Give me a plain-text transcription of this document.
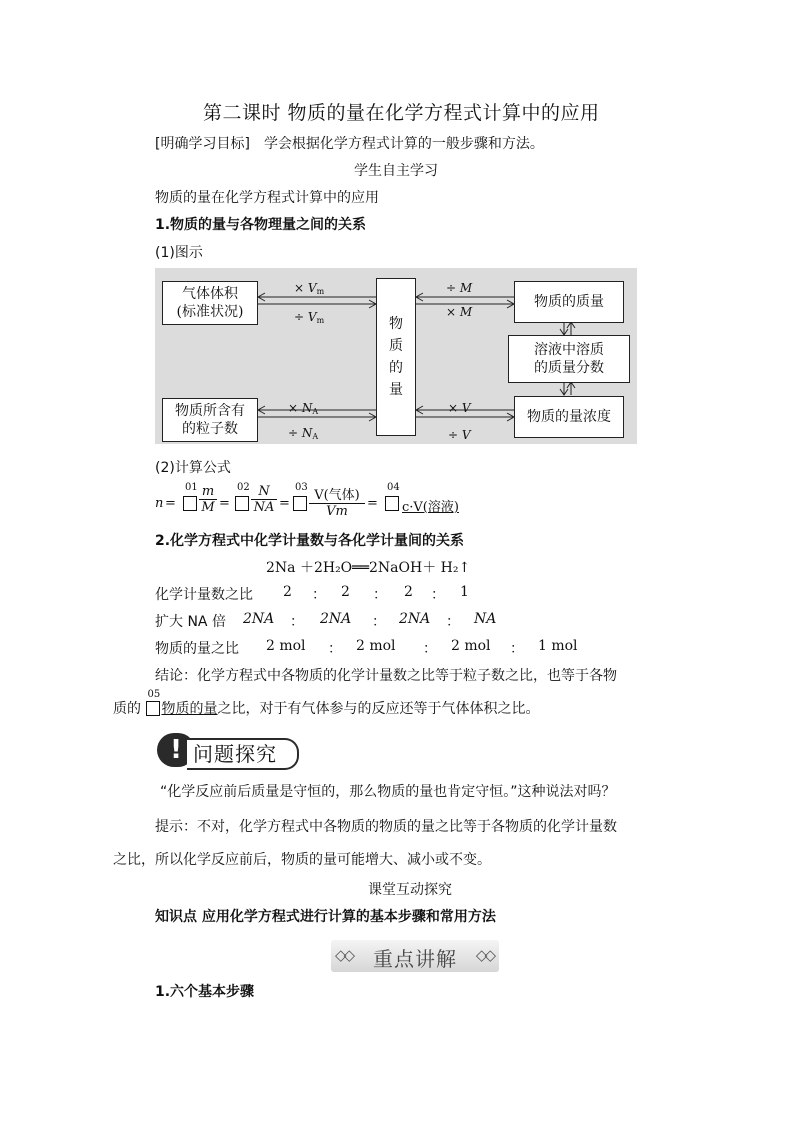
第二课时 物质的量在化学方程式计算中的应用
[明确学习目标] 学会根据化学方程式计算的一般步骤和方法。
学生自主学习
物质的量在化学方程式计算中的应用
1.物质的量与各物理量之间的关系
(1)图示
气体体积
(标准状况)
物质所含有
的粒子数
物
质
的
量
物质的质量
溶液中溶质
的质量分数
物质的量浓度
× $V_m$
÷ $V_m$
× $N_A$
÷ $N_A$
÷ M
× M
× V
÷ V
(2)计算公式
n =
$01 \frac{m}{M}$ =
$02 \frac{N}{NA}$ =
03
V(气体)
Vm
=
04
c·V(溶液)
2.化学方程式中化学计量数与各化学计量间的关系
2Na ＋2H₂O══2NaOH＋ H₂↑
化学计量数之比 2 ： 2 ： 2 ： 1
扩大 NA 倍 2NA ： 2NA ： 2NA ： NA
物质的量之比 2 mol ： 2 mol ： 2 mol ： 1 mol
结论：化学方程式中各物质的化学计量数之比等于粒子数之比，也等于各物
质的
05
物质的量之比，对于有气体参与的反应还等于气体体积之比。
! 问题探究
“化学反应前后质量是守恒的，那么物质的量也肯定守恒。”这种说法对吗？
提示：不对，化学方程式中各物质的物质的量之比等于各物质的化学计量数
之比，所以化学反应前后，物质的量可能增大、减小或不变。
课堂互动探究
知识点 应用化学方程式进行计算的基本步骤和常用方法
◇◇	重点讲解	◇◇
1.六个基本步骤
